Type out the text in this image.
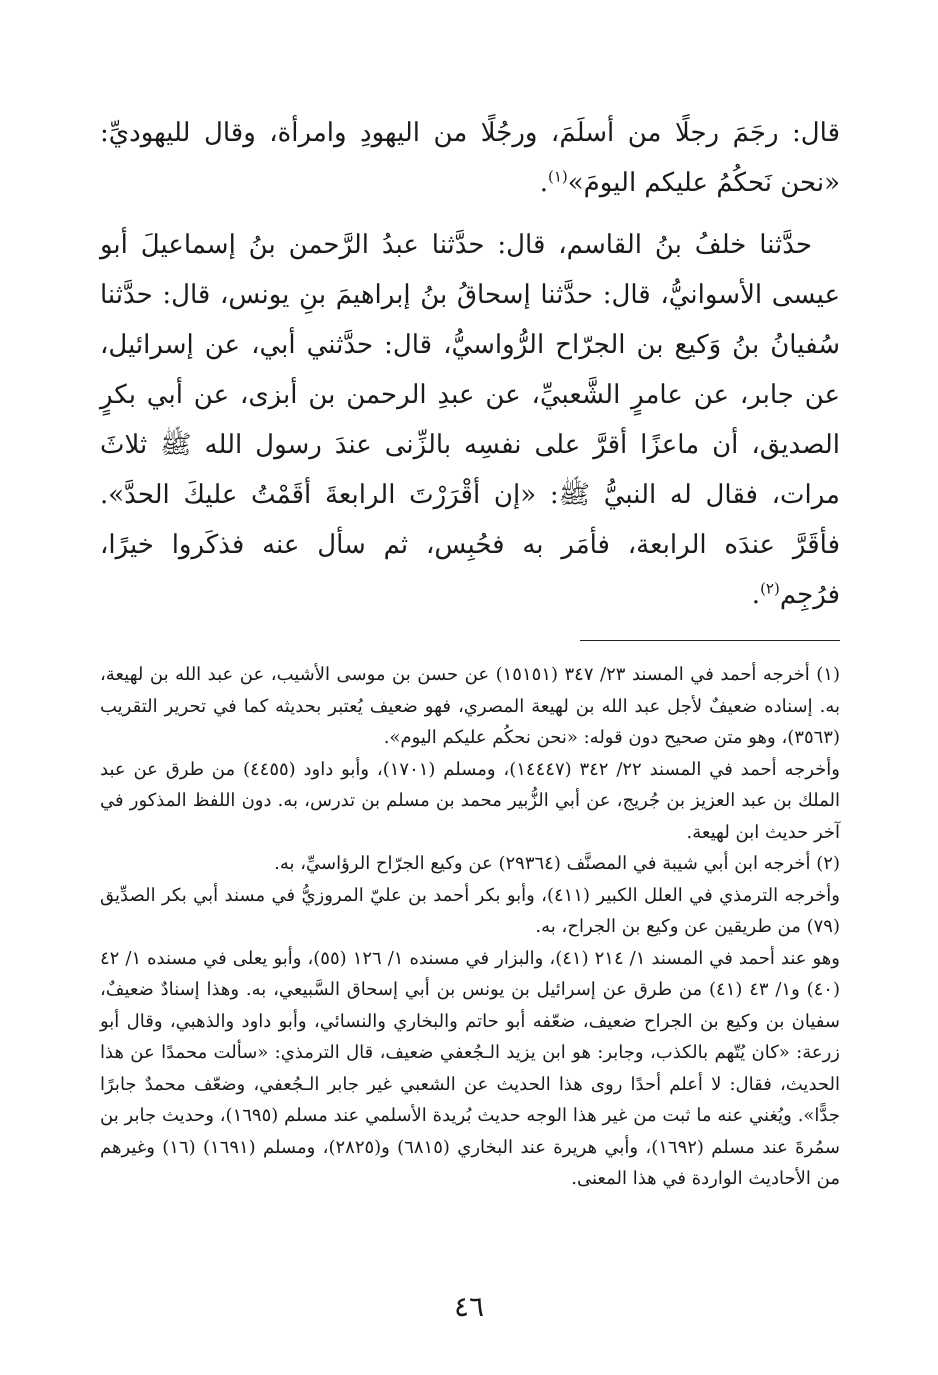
قال: رجَمَ رجلًا من أسلَمَ، ورجُلًا من اليهودِ وامرأة، وقال لليهوديِّ: «نحن نَحكُمُ عليكم اليومَ»$^{(١)}$.

حدَّثنا خلفُ بنُ القاسم، قال: حدَّثنا عبدُ الرَّحمن بنُ إسماعيلَ أبو عيسى الأسوانيُّ، قال: حدَّثنا إسحاقُ بنُ إبراهيمَ بنِ يونس، قال: حدَّثنا سُفيانُ بنُ وَكيع بن الجرّاح الرُّواسيُّ، قال: حدَّثني أبي، عن إسرائيل، عن جابر، عن عامرٍ الشَّعبيِّ، عن عبدِ الرحمن بن أبزى، عن أبي بكرٍ الصديق، أن ماعزًا أقرَّ على نفسِه بالزِّنى عندَ رسول الله ﷺ ثلاثَ مرات، فقال له النبيُّ ﷺ: «إن أقْرَرْتَ الرابعةَ أقَمْتُ عليكَ الحدَّ». فأقَرَّ عندَه الرابعة، فأمَر به فحُبِس، ثم سأل عنه فذكَروا خيرًا، فرُجِم$^{(٢)}$.

(١) أخرجه أحمد في المسند ٢٣/ ٣٤٧ (١٥١٥١) عن حسن بن موسى الأشيب، عن عبد الله بن لهيعة، به. إسناده ضعيفٌ لأجل عبد الله بن لهيعة المصري، فهو ضعيف يُعتبر بحديثه كما في تحرير التقريب (٣٥٦٣)، وهو متن صحيح دون قوله: «نحن نحكُم عليكم اليوم».

وأخرجه أحمد في المسند ٢٢/ ٣٤٢ (١٤٤٤٧)، ومسلم (١٧٠١)، وأبو داود (٤٤٥٥) من طرق عن عبد الملك بن عبد العزيز بن جُريج، عن أبي الزُّبير محمد بن مسلم بن تدرس، به. دون اللفظ المذكور في آخر حديث ابن لهيعة.

(٢) أخرجه ابن أبي شيبة في المصنَّف (٢٩٣٦٤) عن وكيع الجرّاح الرؤاسيِّ، به.

وأخرجه الترمذي في العلل الكبير (٤١١)، وأبو بكر أحمد بن عليّ المروزيُّ في مسند أبي بكر الصدِّيق (٧٩) من طريقين عن وكيع بن الجراح، به.

وهو عند أحمد في المسند ١/ ٢١٤ (٤١)، والبزار في مسنده ١/ ١٢٦ (٥٥)، وأبو يعلى في مسنده ١/ ٤٢ (٤٠) و١/ ٤٣ (٤١) من طرق عن إسرائيل بن يونس بن أبي إسحاق السَّبيعي، به. وهذا إسنادٌ ضعيفٌ، سفيان بن وكيع بن الجراح ضعيف، ضعّفه أبو حاتم والبخاري والنسائي، وأبو داود والذهبي، وقال أبو زرعة: «كان يُتّهم بالكذب، وجابر: هو ابن يزيد الـجُعفي ضعيف، قال الترمذي: «سألت محمدًا عن هذا الحديث، فقال: لا أعلم أحدًا روى هذا الحديث عن الشعبي غير جابر الـجُعفي، وضعّف محمدٌ جابرًا جدًّا». ويُغني عنه ما ثبت من غير هذا الوجه حديث بُريدة الأسلمي عند مسلم (١٦٩٥)، وحديث جابر بن سمُرةَ عند مسلم (١٦٩٢)، وأبي هريرة عند البخاري (٦٨١٥) و(٢٨٢٥)، ومسلم (١٦٩١) (١٦) وغيرهم من الأحاديث الواردة في هذا المعنى.

٤٦
